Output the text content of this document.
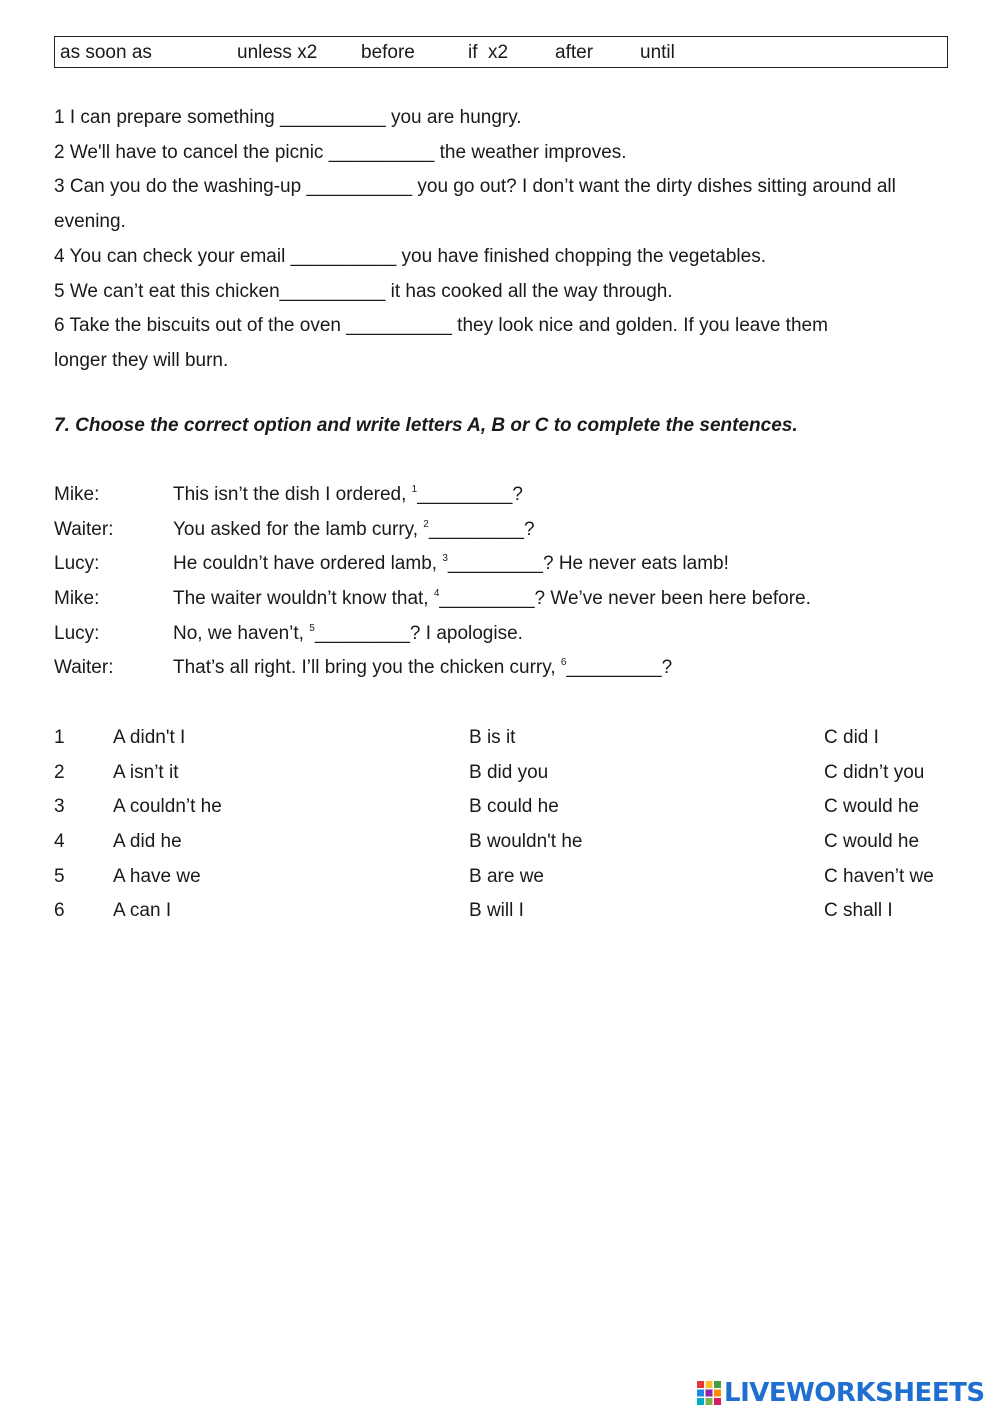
as soon as	unless x2 before	if  x2 after until

1 I can prepare something __________ you are hungry.

2 We'll have to cancel the picnic __________ the weather improves.

3 Can you do the washing-up __________ you go out? I don’t want the dirty dishes sitting around all

evening.

4 You can check your email __________ you have finished chopping the vegetables.

5 We can’t eat this chicken__________ it has cooked all the way through.

6 Take the biscuits out of the oven __________ they look nice and golden. If you leave them

longer they will burn.

7. Choose the correct option and write letters A, B or C to complete the sentences.
Mike:	This isn’t the dish I ordered, $^1$_________?
Waiter:	You asked for the lamb curry, $^2$_________?
Lucy:	He couldn’t have ordered lamb, $^3$_________? He never eats lamb!
Mike:	The waiter wouldn’t know that, $^4$_________? We’ve never been here before.
Lucy:	No, we haven’t, $^5$_________? I apologise.
Waiter:	That’s all right. I’ll bring you the chicken curry, $^6$_________?
1	A didn't I	B is it	C did I
2	A isn’t it	B did you	C didn’t you
3	A couldn’t he	B could he	C would he
4	A did he	B wouldn't he	C would he
5	A have we	B are we	C haven’t we
6	A can I	B will I	C shall I
LIVEWORKSHEETS
